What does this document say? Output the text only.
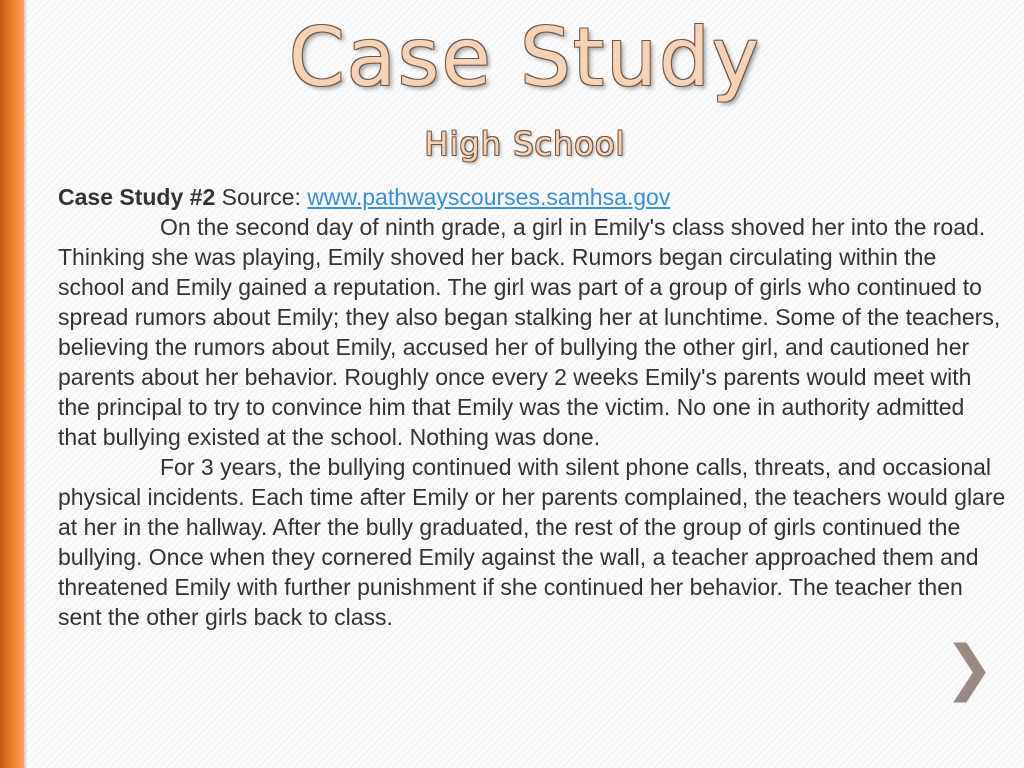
Case Study
High School

Case Study #2 Source: www.pathwayscourses.samhsa.gov

On the second day of ninth grade, a girl in Emily's class shoved her into the road. Thinking she was playing, Emily shoved her back. Rumors began circulating within the school and Emily gained a reputation. The girl was part of a group of girls who continued to spread rumors about Emily; they also began stalking her at lunchtime. Some of the teachers, believing the rumors about Emily, accused her of bullying the other girl, and cautioned her parents about her behavior. Roughly once every 2 weeks Emily's parents would meet with the principal to try to convince him that Emily was the victim. No one in authority admitted that bullying existed at the school. Nothing was done.

For 3 years, the bullying continued with silent phone calls, threats, and occasional physical incidents. Each time after Emily or her parents complained, the teachers would glare at her in the hallway. After the bully graduated, the rest of the group of girls continued the bullying. Once when they cornered Emily against the wall, a teacher approached them and threatened Emily with further punishment if she continued her behavior. The teacher then sent the other girls back to class.

❯
